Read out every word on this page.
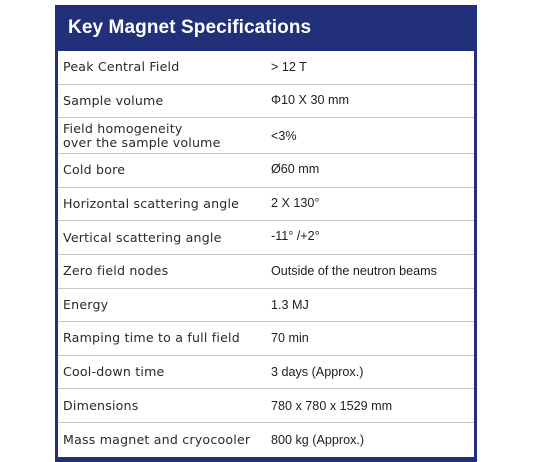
Key Magnet Specifications
Peak Central Field	> 12 T
Sample volume	Φ10 X 30 mm
Field homogeneity
over the sample volume	<3%
Cold bore	Ø60 mm
Horizontal scattering angle	2 X 130°
Vertical scattering angle	-11° /+2°
Zero field nodes	Outside of the neutron beams
Energy	1.3 MJ
Ramping time to a full field	70 min
Cool-down time	3 days (Approx.)
Dimensions	780 x 780 x 1529 mm
Mass magnet and cryocooler	800 kg (Approx.)
